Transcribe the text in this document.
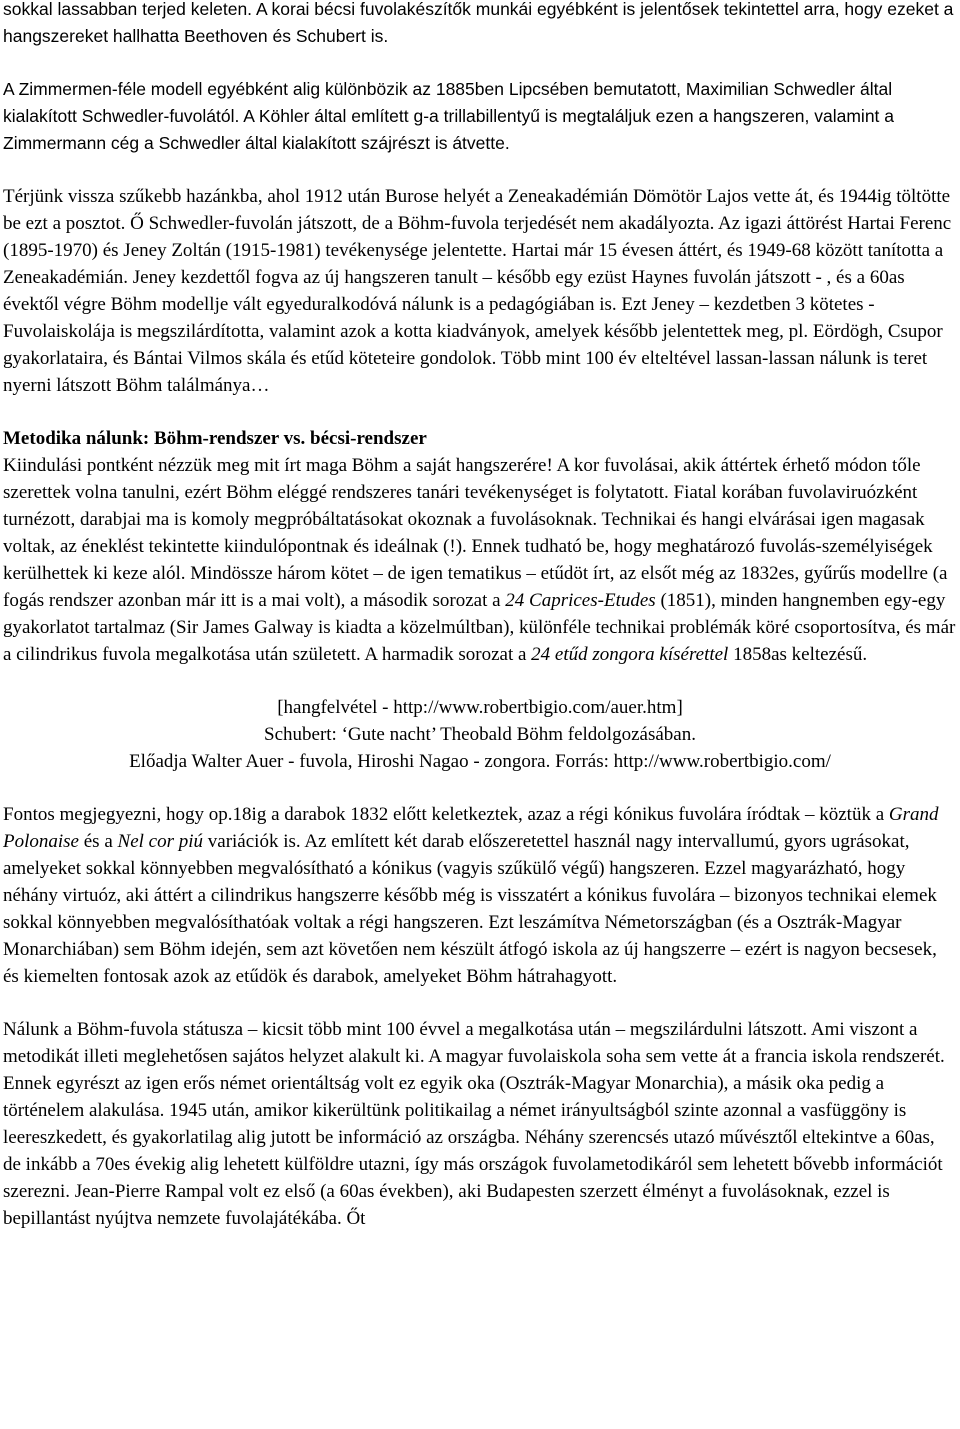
sokkal lassabban terjed keleten. A korai bécsi fuvolakészítők munkái egyébként is jelentősek tekintettel arra, hogy ezeket a hangszereket hallhatta Beethoven és Schubert is.

A Zimmermen-féle modell egyébként alig különbözik az 1885ben Lipcsében bemutatott, Maximilian Schwedler által kialakított Schwedler-fuvolától. A Köhler által említett g-a trillabillentyű is megtaláljuk ezen a hangszeren, valamint a Zimmermann cég a Schwedler által kialakított szájrészt is átvette.

Térjünk vissza szűkebb hazánkba, ahol 1912 után Burose helyét a Zeneakadémián Dömötör Lajos vette át, és 1944ig töltötte be ezt a posztot. Ő Schwedler-fuvolán játszott, de a Böhm-fuvola terjedését nem akadályozta. Az igazi áttörést Hartai Ferenc (1895-1970) és Jeney Zoltán (1915-1981) tevékenysége jelentette. Hartai már 15 évesen áttért, és 1949-68 között tanította a Zeneakadémián. Jeney kezdettől fogva az új hangszeren tanult – később egy ezüst Haynes fuvolán játszott - , és a 60as évektől végre Böhm modellje vált egyeduralkodóvá nálunk is a pedagógiában is. Ezt Jeney – kezdetben 3 kötetes - Fuvolaiskolája is megszilárdította, valamint azok a kotta kiadványok, amelyek később jelentettek meg, pl. Eördögh, Csupor gyakorlataira, és Bántai Vilmos skála és etűd köteteire gondolok. Több mint 100 év elteltével lassan-lassan nálunk is teret nyerni látszott Böhm találmánya…

Metodika nálunk: Böhm-rendszer vs. bécsi-rendszer

Kiindulási pontként nézzük meg mit írt maga Böhm a saját hangszerére! A kor fuvolásai, akik áttértek érhető módon tőle szerettek volna tanulni, ezért Böhm eléggé rendszeres tanári tevékenységet is folytatott. Fiatal korában fuvolaviruózként turnézott, darabjai ma is komoly megpróbáltatásokat okoznak a fuvolásoknak. Technikai és hangi elvárásai igen magasak voltak, az éneklést tekintette kiindulópontnak és ideálnak (!). Ennek tudható be, hogy meghatározó fuvolás-személyiségek kerülhettek ki keze alól. Mindössze három kötet – de igen tematikus – etűdöt írt, az elsőt még az 1832es, gyűrűs modellre (a fogás rendszer azonban már itt is a mai volt), a második sorozat a 24 Caprices-Etudes (1851), minden hangnemben egy-egy gyakorlatot tartalmaz (Sir James Galway is kiadta a közelmúltban), különféle technikai problémák köré csoportosítva, és már a cilindrikus fuvola megalkotása után született. A harmadik sorozat a 24 etűd zongora kísérettel 1858as keltezésű.

[hangfelvétel - http://www.robertbigio.com/auer.htm]

Schubert: ‘Gute nacht’ Theobald Böhm feldolgozásában.

Előadja Walter Auer - fuvola, Hiroshi Nagao - zongora. Forrás: http://www.robertbigio.com/

Fontos megjegyezni, hogy op.18ig a darabok 1832 előtt keletkeztek, azaz a régi kónikus fuvolára íródtak – köztük a Grand Polonaise és a Nel cor piú variációk is. Az említett két darab előszeretettel használ nagy intervallumú, gyors ugrásokat, amelyeket sokkal könnyebben megvalósítható a kónikus (vagyis szűkülő végű) hangszeren. Ezzel magyarázható, hogy néhány virtuóz, aki áttért a cilindrikus hangszerre később még is visszatért a kónikus fuvolára – bizonyos technikai elemek sokkal könnyebben megvalósíthatóak voltak a régi hangszeren. Ezt leszámítva Németországban (és a Osztrák-Magyar Monarchiában) sem Böhm idején, sem azt követően nem készült átfogó iskola az új hangszerre – ezért is nagyon becsesek, és kiemelten fontosak azok az etűdök és darabok, amelyeket Böhm hátrahagyott.

Nálunk a Böhm-fuvola státusza – kicsit több mint 100 évvel a megalkotása után – megszilárdulni látszott. Ami viszont a metodikát illeti meglehetősen sajátos helyzet alakult ki. A magyar fuvolaiskola soha sem vette át a francia iskola rendszerét. Ennek egyrészt az igen erős német orientáltság volt ez egyik oka (Osztrák-Magyar Monarchia), a másik oka pedig a történelem alakulása. 1945 után, amikor kikerültünk politikailag a német irányultságból szinte azonnal a vasfüggöny is leereszkedett, és gyakorlatilag alig jutott be információ az országba. Néhány szerencsés utazó művésztől eltekintve a 60as, de inkább a 70es évekig alig lehetett külföldre utazni, így más országok fuvolametodikáról sem lehetett bővebb információt szerezni. Jean-Pierre Rampal volt ez első (a 60as években), aki Budapesten szerzett élményt a fuvolásoknak, ezzel is bepillantást nyújtva nemzete fuvolajátékába. Őt
